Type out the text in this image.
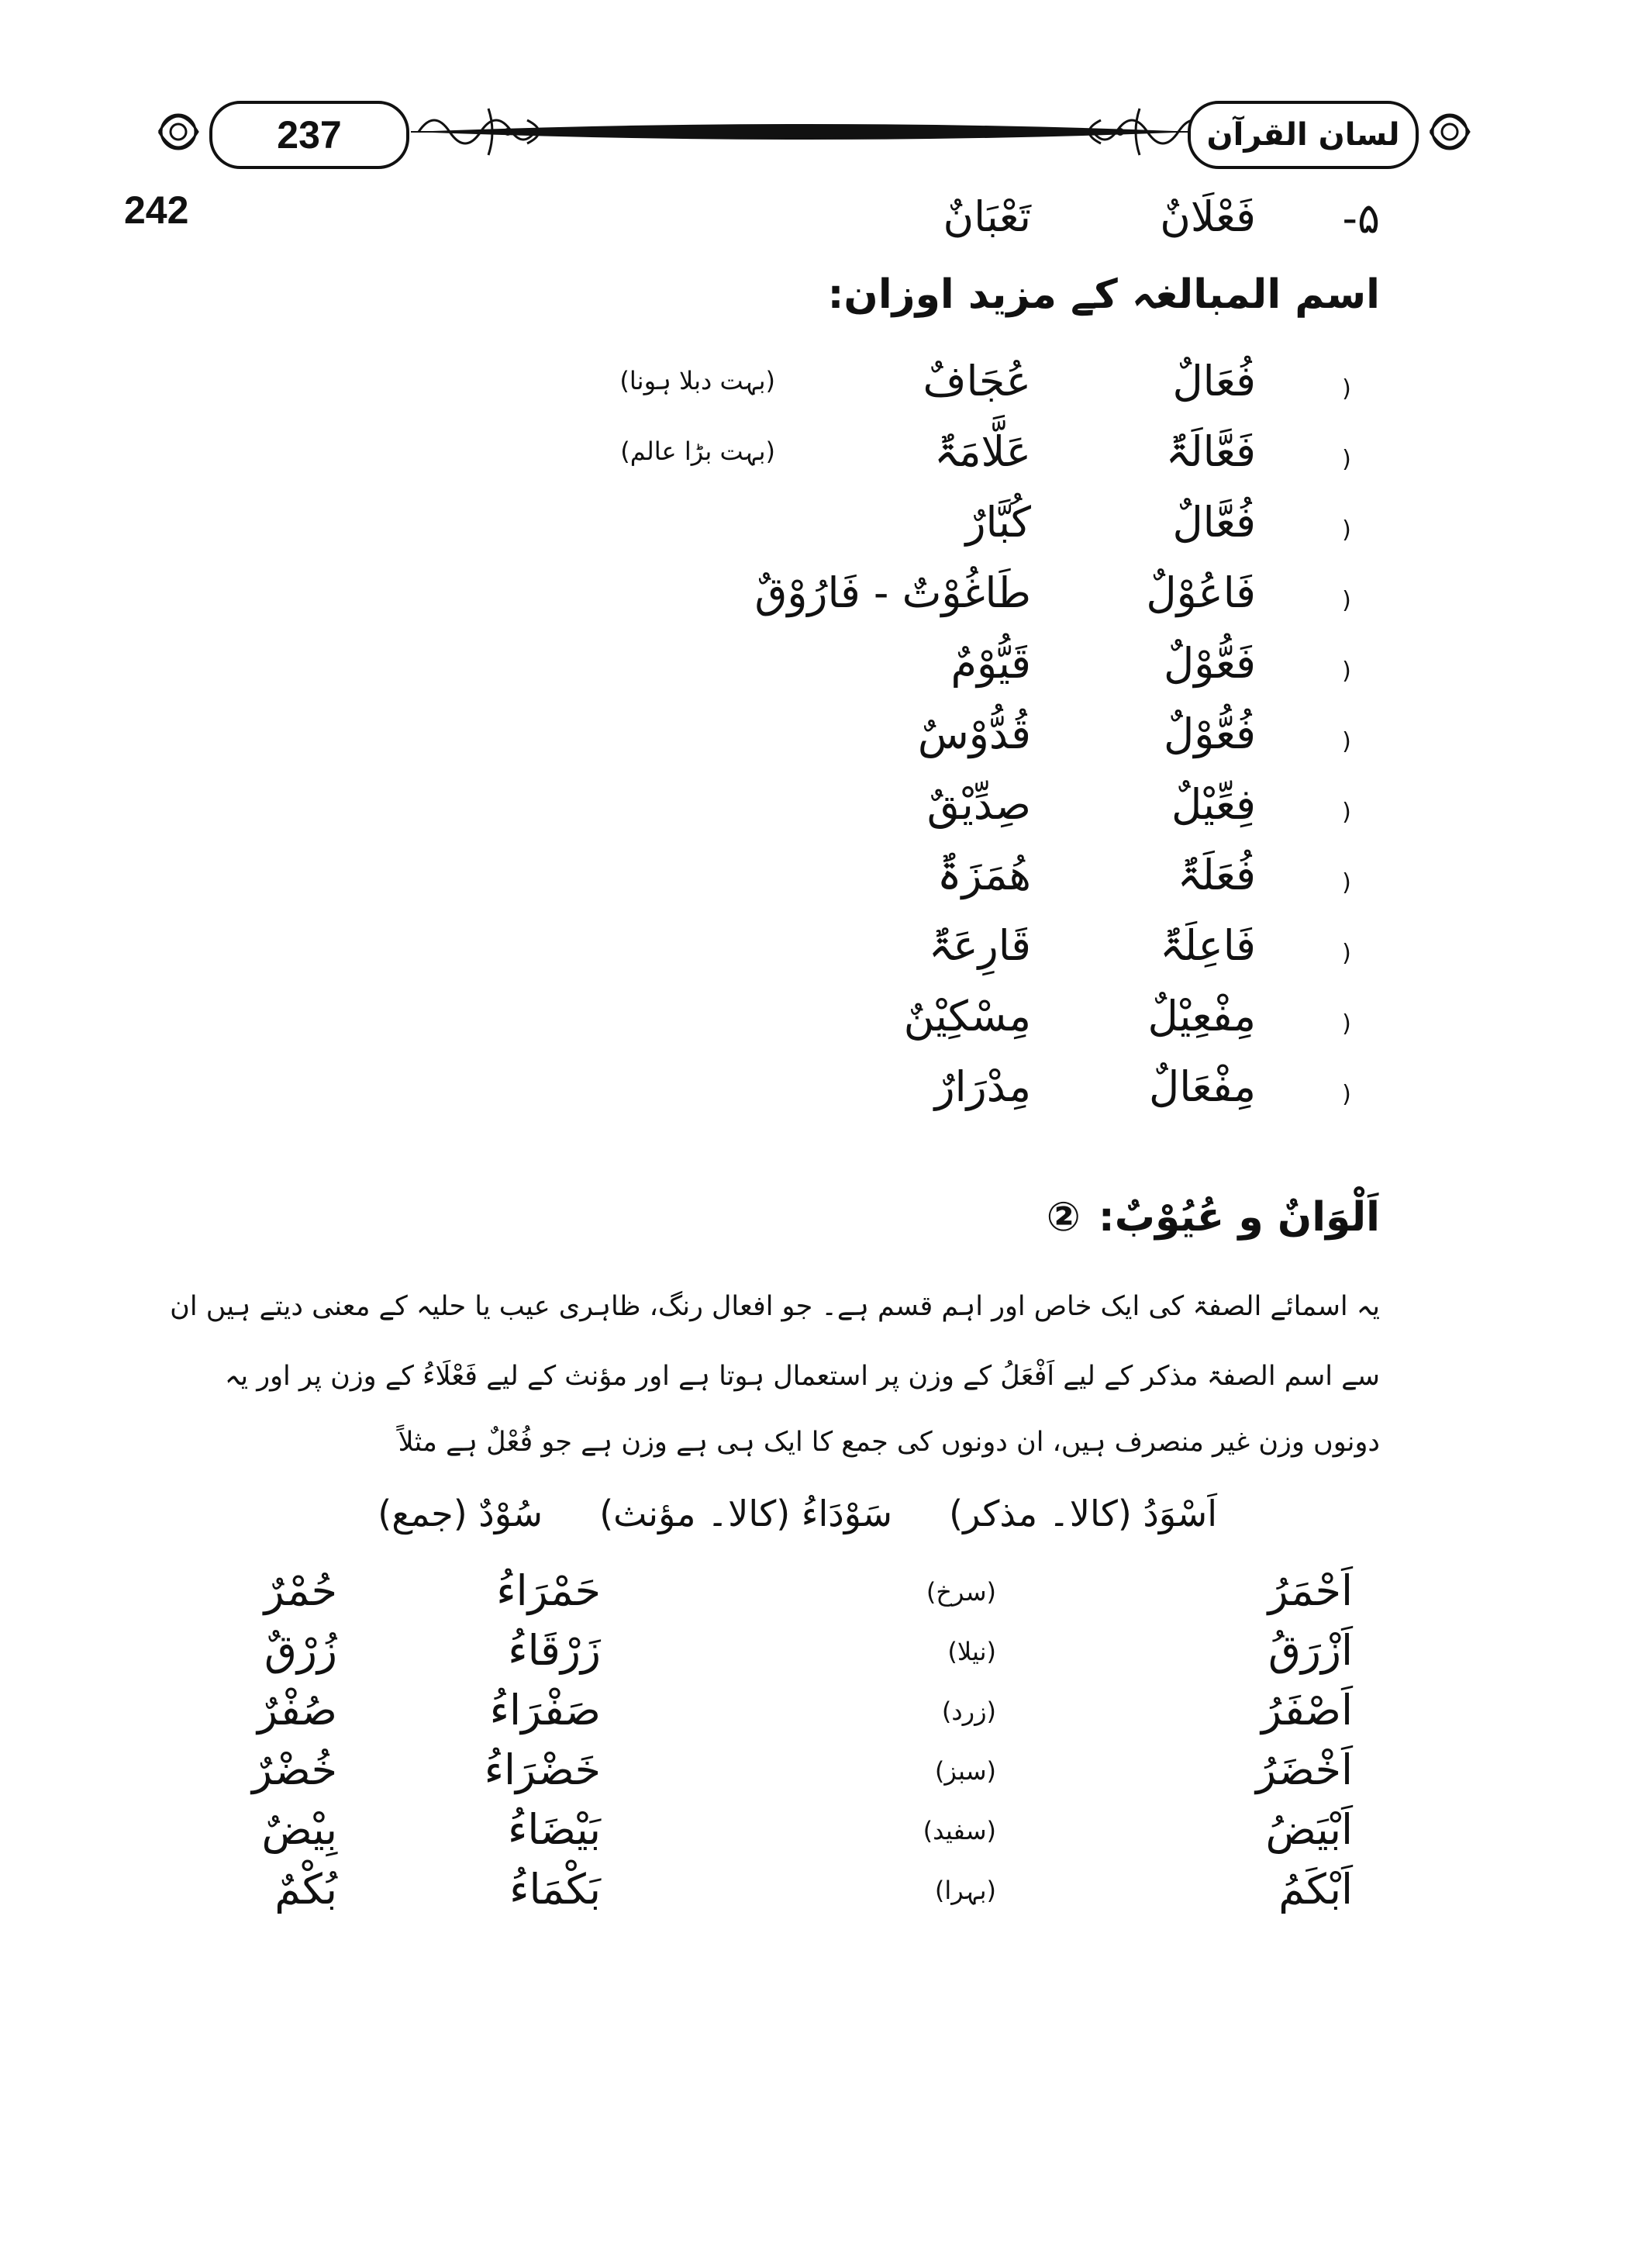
237	لسان القرآن
242	۵-
فَعْلَانٌ
تَعْبَانٌ
اسم المبالغہ کے مزید اوزان:
(
فُعَالٌ
عُجَافٌ
(بہت دبلا ہونا)
(
فَعَّالَۃٌ
عَلَّامَۃٌ
(بہت بڑا عالم)
(
فُعَّالٌ
کُبَّارٌ
(
فَاعُوْلٌ
طَاغُوْتٌ - فَارُوْقٌ
(
فَعُّوْلٌ
قَیُّوْمٌ
(
فُعُّوْلٌ
قُدُّوْسٌ
(
فِعِّیْلٌ
صِدِّیْقٌ
(
فُعَلَۃٌ
ھُمَزَۃٌ
(
فَاعِلَۃٌ
قَارِعَۃٌ
(
مِفْعِیْلٌ
مِسْکِیْنٌ
(
مِفْعَالٌ
مِدْرَارٌ
اَلْوَانٌ و عُیُوْبٌ: ②
یہ اسمائے الصفۃ کی ایک خاص اور اہم قسم ہے۔ جو افعال رنگ، ظاہری عیب یا حلیہ کے معنی دیتے ہیں ان
سے اسم الصفۃ مذکر کے لیے اَفْعَلُ کے وزن پر استعمال ہوتا ہے اور مؤنث کے لیے فَعْلَاءُ کے وزن پر اور یہ
دونوں وزن غیر منصرف ہیں، ان دونوں کی جمع کا ایک ہی ہے وزن ہے جو فُعْلٌ ہے مثلاً
اَسْوَدُ (کالا۔ مذکر)     سَوْدَاءُ (کالا۔ مؤنث)     سُوْدٌ (جمع)
اَحْمَرُ
(سرخ)
حَمْرَاءُ
حُمْرٌ
اَزْرَقُ
(نیلا)
زَرْقَاءُ
زُرْقٌ
اَصْفَرُ
(زرد)
صَفْرَاءُ
صُفْرٌ
اَخْضَرُ
(سبز)
خَضْرَاءُ
خُضْرٌ
اَبْیَضُ
(سفید)
بَیْضَاءُ
بِیْضٌ
اَبْکَمُ
(بہرا)
بَکْمَاءُ
بُکْمٌ
